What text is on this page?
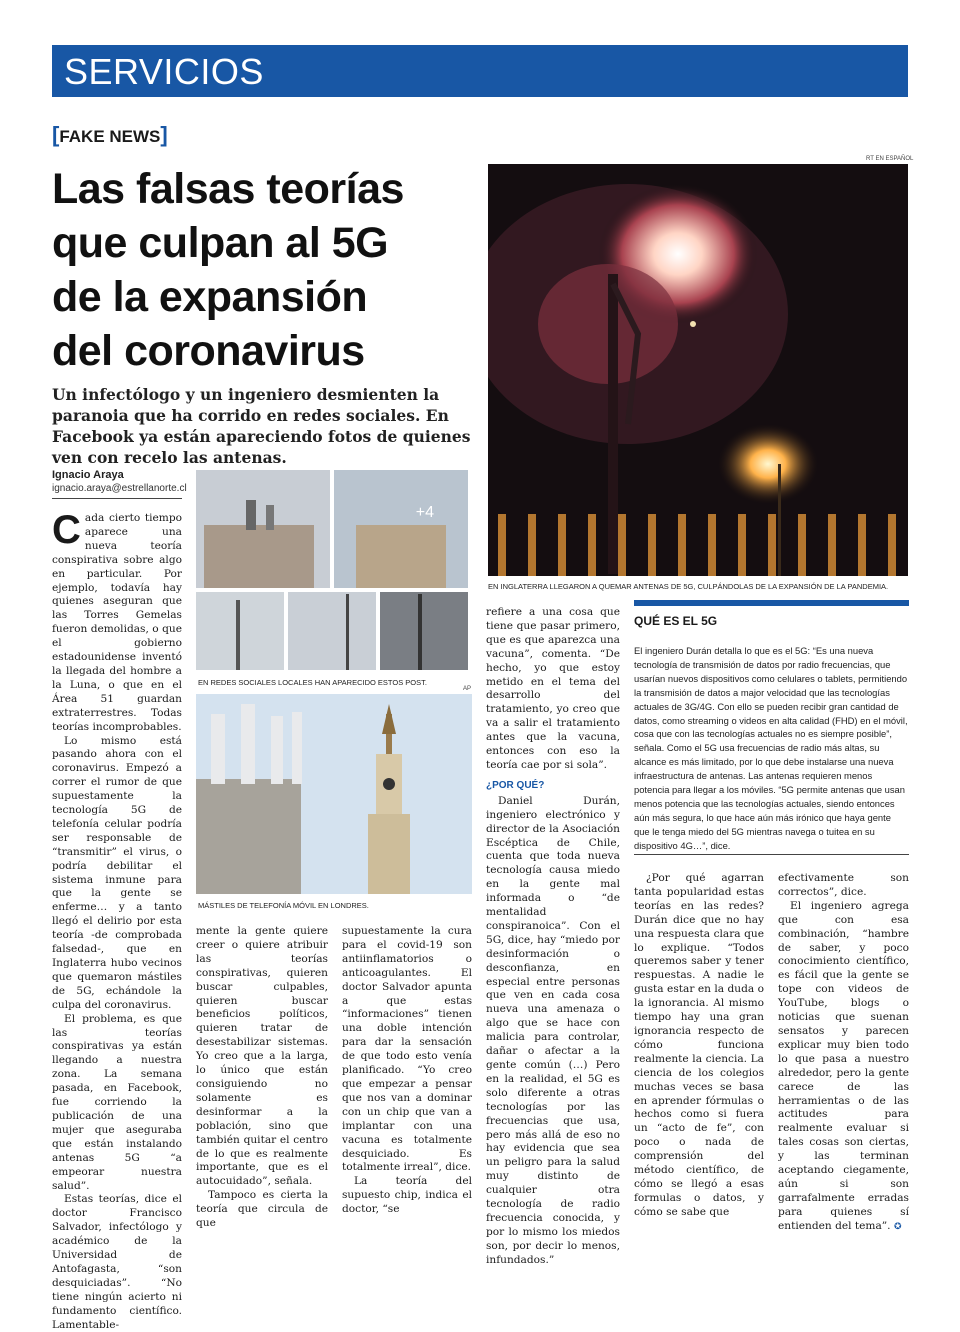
SERVICIOS
[FAKE NEWS]
Las falsas teorías
que culpan al 5G
de la expansión
del coronavirus
Un infectólogo y un ingeniero desmienten la paranoia que ha corrido en redes sociales. En Facebook ya están apareciendo fotos de quienes ven con recelo las antenas.
Ignacio Araya
ignacio.araya@estrellanorte.cl
RT EN ESPAÑOL
EN INGLATERRA LLEGARON A QUEMAR ANTENAS DE 5G, CULPÁNDOLAS DE LA EXPANSIÓN DE LA PANDEMIA.
+4
EN REDES SOCIALES LOCALES HAN APARECIDO ESTOS POST.
AP
MÁSTILES DE TELEFONÍA MÓVIL EN LONDRES.

Cada cierto tiempo aparece una nueva teoría conspirativa sobre algo en particular. Por ejemplo, todavía hay quienes aseguran que las Torres Gemelas fueron demolidas, o que el gobierno estadounidense inventó la llegada del hombre a la Luna, o que en el Área 51 guardan extraterrestres. Todas teorías incomprobables.

Lo mismo está pasando ahora con el coronavirus. Empezó a correr el rumor de que supuestamente la tecnología 5G de telefonía celular podría ser responsable de “transmitir” el virus, o podría debilitar el sistema inmune para que la gente se enferme… y a tanto llegó el delirio por esta teoría -de comprobada falsedad-, que en Inglaterra hubo vecinos que quemaron mástiles de 5G, echándole la culpa del coronavirus.

El problema, es que las teorías conspirativas ya están llegando a nuestra zona. La semana pasada, en Facebook, fue corriendo la publicación de una mujer que aseguraba que están instalando antenas 5G “a empeorar nuestra salud”.

Estas teorías, dice el doctor Francisco Salvador, infectólogo y académico de la Universidad de Antofagasta, “son desquiciadas”. “No tiene ningún acierto ni fundamento científico. Lamentable-

mente la gente quiere creer o quiere atribuir las teorías conspirativas, quieren buscar culpables, quieren buscar beneficios políticos, quieren tratar de desestabilizar sistemas. Yo creo que a la larga, lo único que están consiguiendo no solamente es desinformar a la población, sino que también quitar el centro de lo que es realmente importante, que es el autocuidado”, señala.

Tampoco es cierta la teoría que circula de que

supuestamente la cura para el covid-19 son antiinflamatorios o anticoagulantes. El doctor Salvador apunta a que estas “informaciones” tienen una doble intención para dar la sensación de que todo esto venía planificado. “Yo creo que empezar a pensar que nos van a dominar con un chip que van a implantar con una vacuna es totalmente desquiciado. Es totalmente irreal”, dice.

La teoría del supuesto chip, indica el doctor, “se

refiere a una cosa que tiene que pasar primero, que es que aparezca una vacuna”, comenta. “De hecho, yo que estoy metido en el tema del desarrollo del tratamiento, yo creo que va a salir el tratamiento antes que la vacuna, entonces con eso la teoría cae por si sola”.

¿POR QUÉ?

Daniel Durán, ingeniero electrónico y director de la Asociación Escéptica de Chile, cuenta que toda nueva tecnología causa miedo en la gente mal informada o “de mentalidad conspiranoica”. Con el 5G, dice, hay “miedo por desinformación o desconfianza, en especial entre personas que ven en cada cosa nueva una amenaza o algo que se hace con malicia para controlar, dañar o afectar a la gente común (…) Pero en la realidad, el 5G es solo diferente a otras tecnologías por las frecuencias que usa, pero más allá de eso no hay evidencia que sea un peligro para la salud muy distinto de cualquier otra tecnología de radio frecuencia conocida, y por lo mismo los miedos son, por decir lo menos, infundados.”

QUÉ ES EL 5G
El ingeniero Durán detalla lo que es el 5G: “Es una nueva tecnología de transmisión de datos por radio frecuencias, que usarían nuevos dispositivos como celulares o tablets, permitiendo la transmisión de datos a major velocidad que las tecnologías actuales de 3G/4G. Con ello se pueden recibir gran cantidad de datos, como streaming o videos en alta calidad (FHD) en el móvil, cosa que con las tecnologías actuales no es siempre posible”, señala. Como el 5G usa frecuencias de radio más altas, su alcance es más limitado, por lo que debe instalarse una nueva infraestructura de antenas. Las antenas requieren menos potencia para llegar a los móviles. “5G permite antenas que usan menos potencia que las tecnologías actuales, siendo entonces aún más segura, lo que hace aún más irónico que haya gente que le tenga miedo del 5G mientras navega o tuitea en su dispositivo 4G…”, dice.

¿Por qué agarran tanta popularidad estas teorías en las redes? Durán dice que no hay una respuesta clara que lo explique. “Todos queremos saber y tener respuestas. A nadie le gusta estar en la duda o la ignorancia. Al mismo tiempo hay una gran ignorancia respecto de cómo funciona realmente la ciencia. La ciencia de los colegios muchas veces se basa en aprender fórmulas o hechos como si fuera un “acto de fe”, con poco o nada de comprensión del método científico, de cómo se llegó a esas formulas o datos, y cómo se sabe que

efectivamente son correctos”, dice.

El ingeniero agrega que con esa combinación, “hambre de saber, y poco conocimiento científico, es fácil que la gente se tope con videos de YouTube, blogs o noticias que suenan sensatos y parecen explicar muy bien todo lo que pasa a nuestro alrededor, pero la gente carece de las herramientas o de las actitudes para realmente evaluar si tales cosas son ciertas, y las terminan aceptando ciegamente, aún si son garrafalmente erradas para quienes sí entienden del tema”. ✪
